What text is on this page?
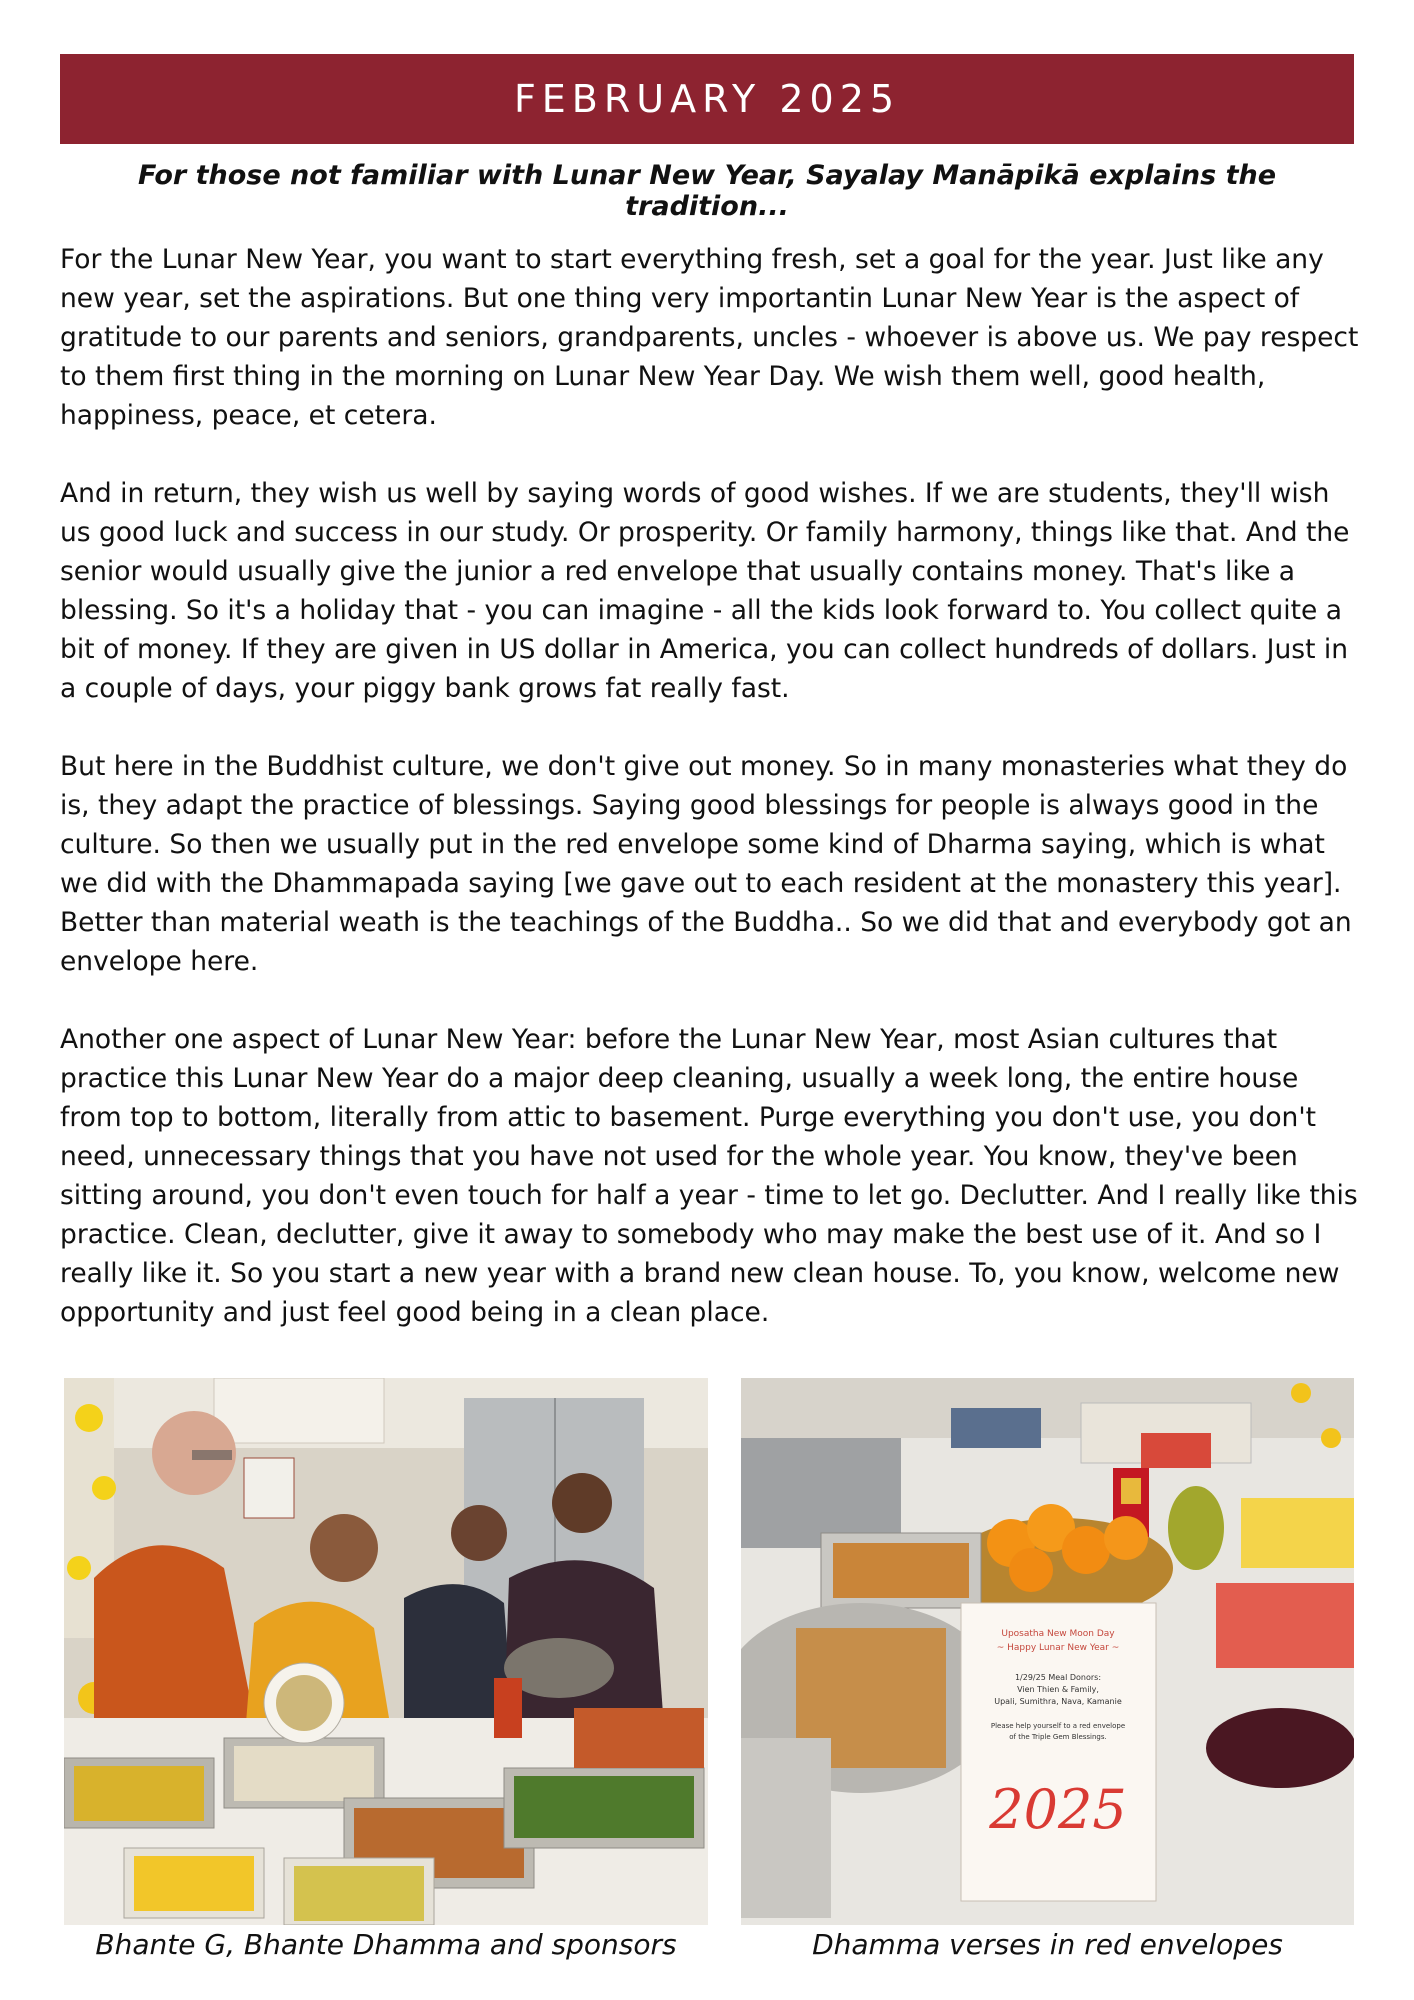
FEBRUARY 2025
For those not familiar with Lunar New Year, Sayalay Manāpikā explains the tradition...

For the Lunar New Year, you want to start everything fresh, set a goal for the year. Just like any new year, set the aspirations. But one thing very importantin Lunar New Year is the aspect of gratitude to our parents and seniors, grandparents, uncles - whoever is above us. We pay respect to them first thing in the morning on Lunar New Year Day. We wish them well, good health, happiness, peace, et cetera.

And in return, they wish us well by saying words of good wishes. If we are students, they'll wish us good luck and success in our study. Or prosperity. Or family harmony, things like that. And the senior would usually give the junior a red envelope that usually contains money. That's like a blessing. So it's a holiday that - you can imagine - all the kids look forward to. You collect quite a bit of money. If they are given in US dollar in America, you can collect hundreds of dollars. Just in a couple of days, your piggy bank grows fat really fast.

But here in the Buddhist culture, we don't give out money. So in many monasteries what they do is, they adapt the practice of blessings. Saying good blessings for people is always good in the culture. So then we usually put in the red envelope some kind of Dharma saying, which is what we did with the Dhammapada saying [we gave out to each resident at the monastery this year]. Better than material weath is the teachings of the Buddha.. So we did that and everybody got an envelope here.

Another one aspect of Lunar New Year: before the Lunar New Year, most Asian cultures that practice this Lunar New Year do a major deep cleaning, usually a week long, the entire house from top to bottom, literally from attic to basement. Purge everything you don't use, you don't need, unnecessary things that you have not used for the whole year. You know, they've been sitting around, you don't even touch for half a year - time to let go. Declutter. And I really like this practice. Clean, declutter, give it away to somebody who may make the best use of it. And so I really like it. So you start a new year with a brand new clean house. To, you know, welcome new opportunity and just feel good being in a clean place.

Uposatha New Moon Day
~ Happy Lunar New Year ~
1/29/25 Meal Donors:
Vien Thien & Family,
Upali, Sumithra, Nava, Kamanie
Please help yourself to a red envelope
of the Triple Gem Blessings.
2025
Bhante G, Bhante Dhamma and sponsors	Dhamma verses in red envelopes
